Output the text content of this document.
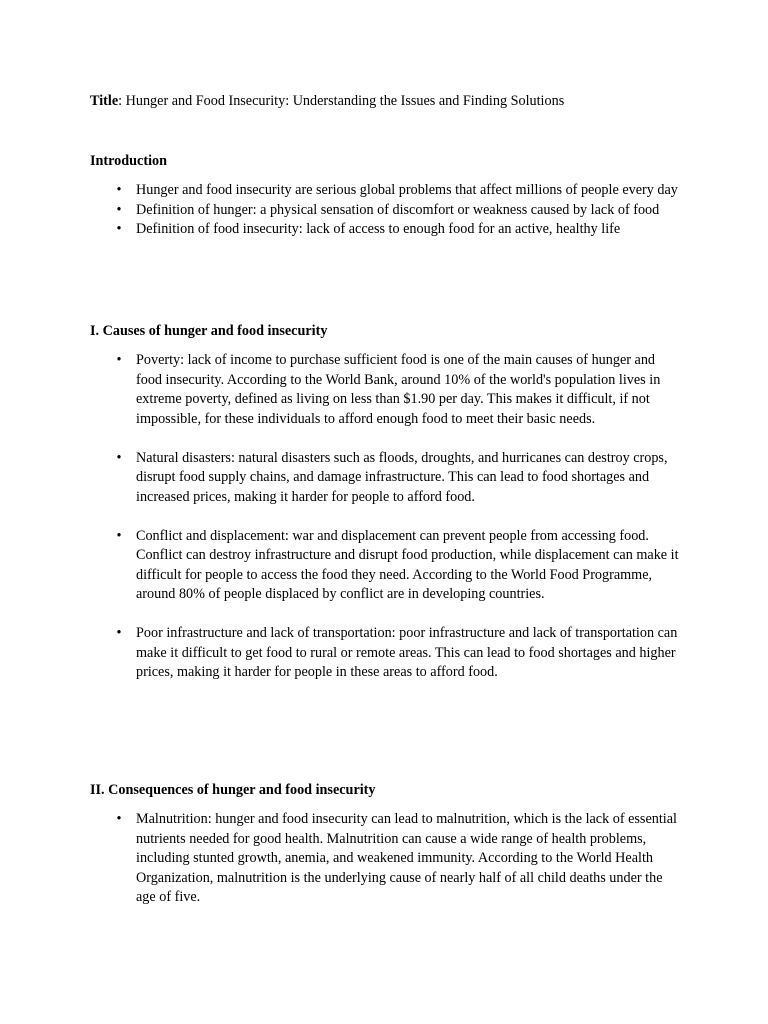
Title: Hunger and Food Insecurity: Understanding the Issues and Finding Solutions
Introduction
•	Hunger and food insecurity are serious global problems that affect millions of people every day
•	Definition of hunger: a physical sensation of discomfort or weakness caused by lack of food
•	Definition of food insecurity: lack of access to enough food for an active, healthy life
I. Causes of hunger and food insecurity
•	Poverty: lack of income to purchase sufficient food is one of the main causes of hunger and food insecurity. According to the World Bank, around 10% of the world's population lives in extreme poverty, defined as living on less than $1.90 per day. This makes it difficult, if not impossible, for these individuals to afford enough food to meet their basic needs.
•	Natural disasters: natural disasters such as floods, droughts, and hurricanes can destroy crops, disrupt food supply chains, and damage infrastructure. This can lead to food shortages and increased prices, making it harder for people to afford food.
•	Conflict and displacement: war and displacement can prevent people from accessing food. Conflict can destroy infrastructure and disrupt food production, while displacement can make it difficult for people to access the food they need. According to the World Food Programme, around 80% of people displaced by conflict are in developing countries.
•	Poor infrastructure and lack of transportation: poor infrastructure and lack of transportation can make it difficult to get food to rural or remote areas. This can lead to food shortages and higher prices, making it harder for people in these areas to afford food.
II. Consequences of hunger and food insecurity
•	Malnutrition: hunger and food insecurity can lead to malnutrition, which is the lack of essential nutrients needed for good health. Malnutrition can cause a wide range of health problems, including stunted growth, anemia, and weakened immunity. According to the World Health Organization, malnutrition is the underlying cause of nearly half of all child deaths under the age of five.
